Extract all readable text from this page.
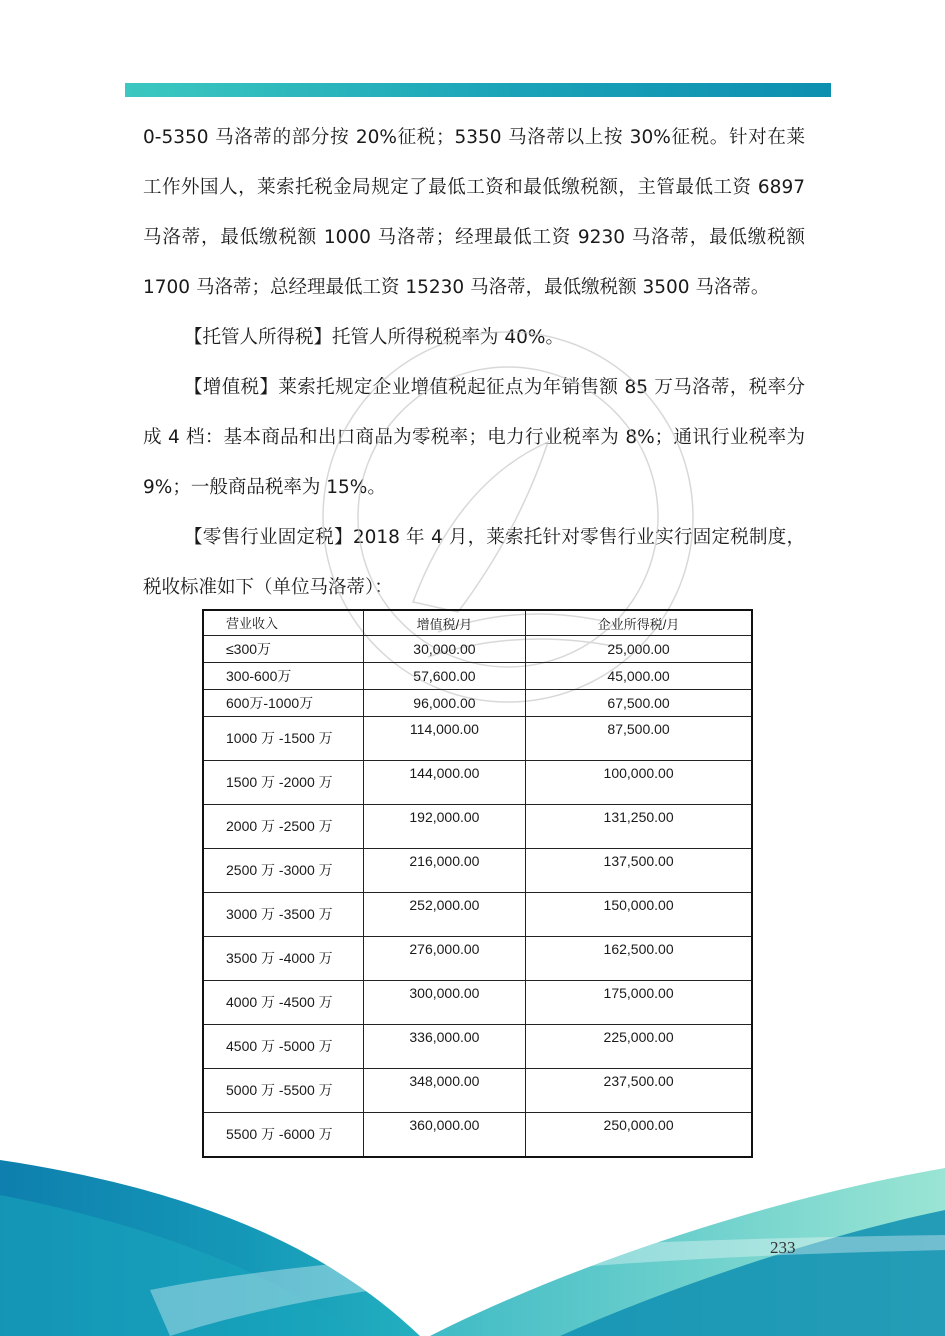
0-5350 马洛蒂的部分按 20%征税；5350 马洛蒂以上按 30%征税。针对在莱工作外国人，莱索托税金局规定了最低工资和最低缴税额，主管最低工资 6897 马洛蒂，最低缴税额 1000 马洛蒂；经理最低工资 9230 马洛蒂，最低缴税额 1700 马洛蒂；总经理最低工资 15230 马洛蒂，最低缴税额 3500 马洛蒂。

【托管人所得税】托管人所得税税率为 40%。

【增值税】莱索托规定企业增值税起征点为年销售额 85 万马洛蒂，税率分成 4 档：基本商品和出口商品为零税率；电力行业税率为 8%；通讯行业税率为 9%；一般商品税率为 15%。

【零售行业固定税】2018 年 4 月，莱索托针对零售行业实行固定税制度，税收标准如下（单位马洛蒂）：

营业收入	增值税/月	企业所得税/月
≤300万	30,000.00	25,000.00
300-600万	57,600.00	45,000.00
600万-1000万	96,000.00	67,500.00
1000 万 -1500 万	114,000.00	87,500.00
1500 万 -2000 万	144,000.00	100,000.00
2000 万 -2500 万	192,000.00	131,250.00
2500 万 -3000 万	216,000.00	137,500.00
3000 万 -3500 万	252,000.00	150,000.00
3500 万 -4000 万	276,000.00	162,500.00
4000 万 -4500 万	300,000.00	175,000.00
4500 万 -5000 万	336,000.00	225,000.00
5000 万 -5500 万	348,000.00	237,500.00
5500 万 -6000 万	360,000.00	250,000.00
233
